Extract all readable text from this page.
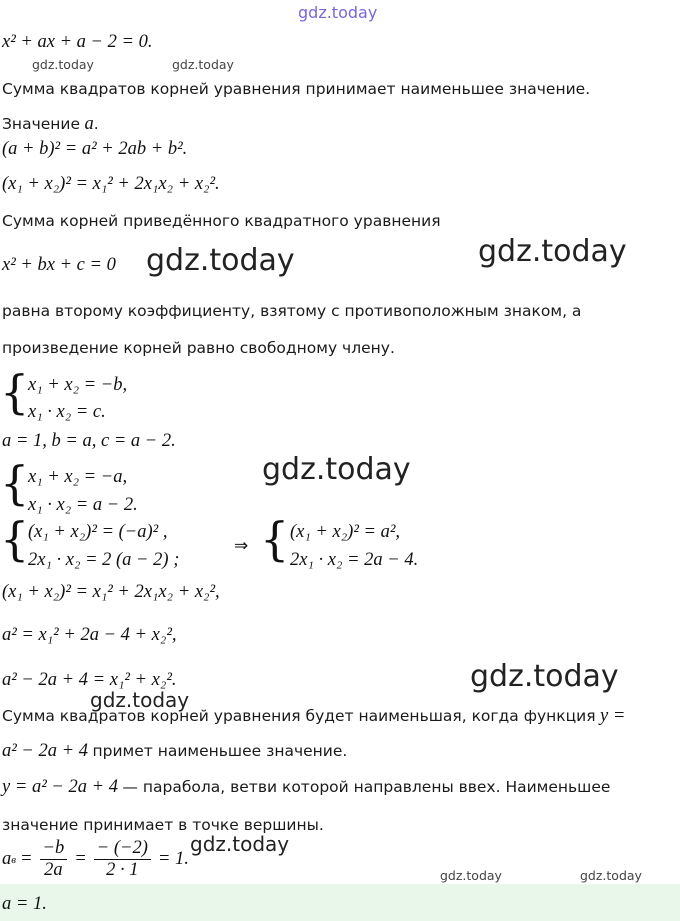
gdz.today
gdz.today	gdz.today
gdz.today	gdz.today
gdz.today
gdz.today
gdz.today
gdz.today
gdz.today	gdz.today
x² + ax + a − 2 = 0.
Сумма квадратов корней уравнения принимает наименьшее значение.
Значение a.
(a + b)² = a² + 2ab + b².
(x₁ + x₂)² = x₁² + 2x₁x₂ + x₂².
Сумма корней приведённого квадратного уравнения
x² + bx + c = 0
равна второму коэффициенту, взятому с противоположным знаком, а
произведение корней равно свободному члену.
{
x₁ + x₂ = −b,
x₁ · x₂ = c.
a = 1, b = a, c = a − 2.
{
x₁ + x₂ = −a,
x₁ · x₂ = a − 2.
{
(x₁ + x₂)² = (−a)² ,
2x₁ · x₂ = 2 (a − 2) ;
⇒ { (x₁ + x₂)² = a²,
2x₁ · x₂ = 2a − 4.
(x₁ + x₂)² = x₁² + 2x₁x₂ + x₂²,
a² = x₁² + 2a − 4 + x₂²,
a² − 2a + 4 = x₁² + x₂².
Сумма квадратов корней уравнения будет наименьшая, когда функция y =
a² − 2a + 4 примет наименьшее значение.
y = a² − 2a + 4 — парабола, ветви которой направлены ввех. Наименьшее
значение принимает в точке вершины.
a $в = \frac{-b}{2a} = \frac{- (-2)}{2 \cdot 1} = 1$.
a = 1.
